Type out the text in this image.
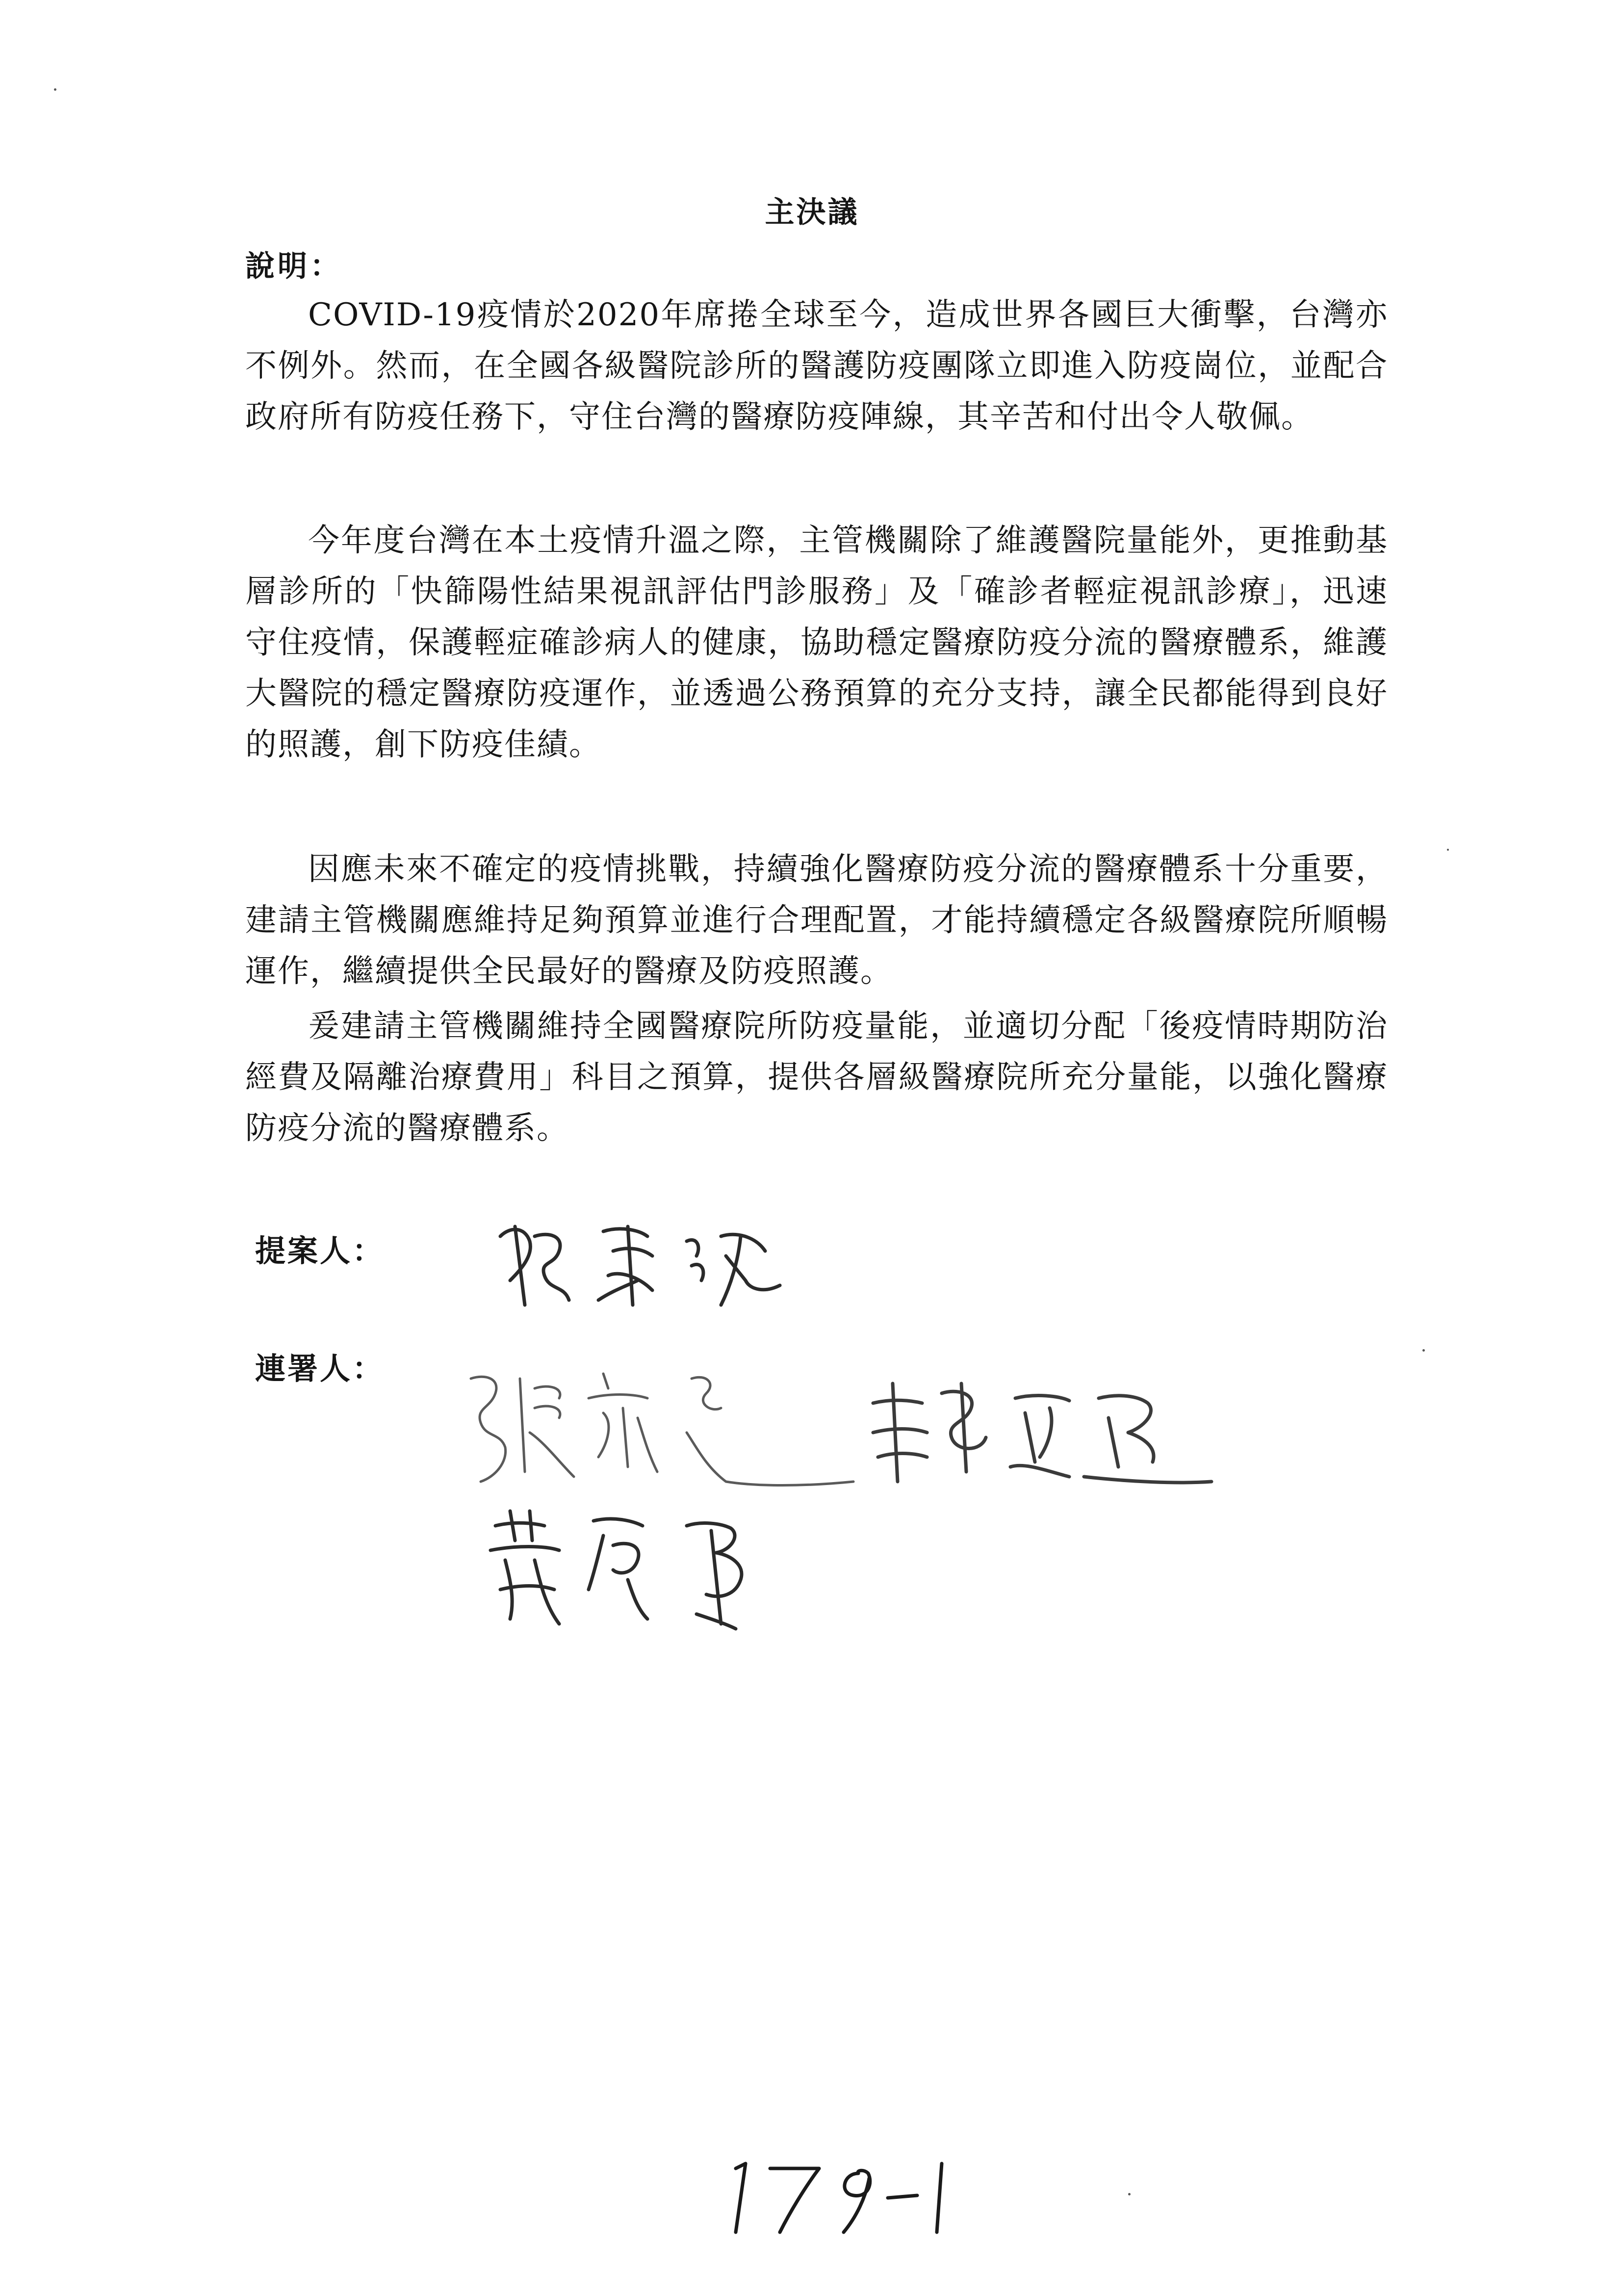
主決議
說明：

COVID-19疫情於2020年席捲全球至今，造成世界各國巨大衝擊，台灣亦不例外。然而，在全國各級醫院診所的醫護防疫團隊立即進入防疫崗位，並配合政府所有防疫任務下，守住台灣的醫療防疫陣線，其辛苦和付出令人敬佩。

今年度台灣在本土疫情升溫之際，主管機關除了維護醫院量能外，更推動基層診所的「快篩陽性結果視訊評估門診服務」及「確診者輕症視訊診療」，迅速守住疫情，保護輕症確診病人的健康，協助穩定醫療防疫分流的醫療體系，維護大醫院的穩定醫療防疫運作，並透過公務預算的充分支持，讓全民都能得到良好的照護，創下防疫佳績。

因應未來不確定的疫情挑戰，持續強化醫療防疫分流的醫療體系十分重要，建請主管機關應維持足夠預算並進行合理配置，才能持續穩定各級醫療院所順暢運作，繼續提供全民最好的醫療及防疫照護。

爰建請主管機關維持全國醫療院所防疫量能，並適切分配「後疫情時期防治經費及隔離治療費用」科目之預算，提供各層級醫療院所充分量能，以強化醫療防疫分流的醫療體系。

提案人：
連署人：
